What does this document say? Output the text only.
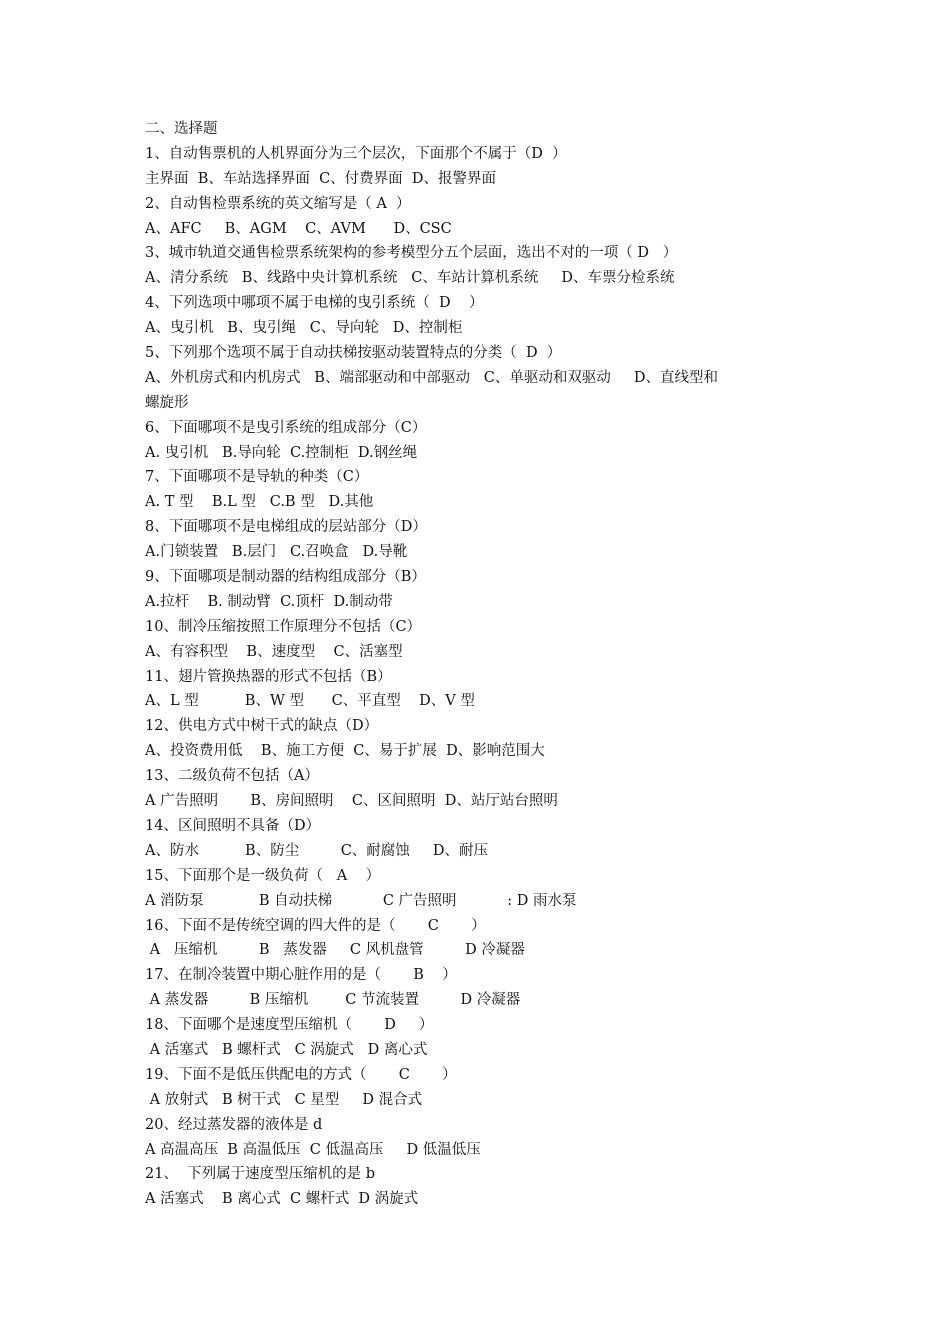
二、选择题
1、自动售票机的人机界面分为三个层次，下面那个不属于（D  ）
主界面  B、车站选择界面  C、付费界面  D、报警界面
2、自动售检票系统的英文缩写是（ A  ）
A、AFC     B、AGM    C、AVM      D、CSC
3、城市轨道交通售检票系统架构的参考模型分五个层面，选出不对的一项（ D   ）
A、清分系统   B、线路中央计算机系统   C、车站计算机系统     D、车票分检系统
4、下列选项中哪项不属于电梯的曳引系统（  D    ）
A、曳引机   B、曳引绳   C、导向轮   D、控制柜
5、下列那个选项不属于自动扶梯按驱动装置特点的分类（  D  ）
A、外机房式和内机房式   B、端部驱动和中部驱动   C、单驱动和双驱动     D、直线型和
螺旋形
6、下面哪项不是曳引系统的组成部分（C）
A. 曳引机   B.导向轮  C.控制柜  D.钢丝绳
7、下面哪项不是导轨的种类（C）
A. T 型    B.L 型   C.B 型   D.其他
8、下面哪项不是电梯组成的层站部分（D）
A.门锁装置   B.层门   C.召唤盒   D.导靴
9、下面哪项是制动器的结构组成部分（B）
A.拉杆    B. 制动臂  C.顶杆  D.制动带
10、制冷压缩按照工作原理分不包括（C）
A、有容积型    B、速度型    C、活塞型
11、翅片管换热器的形式不包括（B）
A、L 型          B、W 型      C、平直型    D、V 型
12、供电方式中树干式的缺点（D）
A、投资费用低    B、施工方便  C、易于扩展  D、影响范围大
13、二级负荷不包括（A）
A 广告照明       B、房间照明    C、区间照明  D、站厅站台照明
14、区间照明不具备（D）
A、防水          B、防尘         C、耐腐蚀     D、耐压
15、下面那个是一级负荷（   A    ）
A 消防泵            B 自动扶梯           C 广告照明           : D 雨水泵
16、下面不是传统空调的四大件的是（       C       ）
A   压缩机         B   蒸发器     C 风机盘管         D 冷凝器
17、在制冷装置中期心脏作用的是（       B    ）
A 蒸发器         B 压缩机        C 节流装置         D 冷凝器
18、下面哪个是速度型压缩机（       D     ）
A 活塞式   B 螺杆式   C 涡旋式   D 离心式
19、下面不是低压供配电的方式（       C       ）
A 放射式   B 树干式   C 星型     D 混合式
20、经过蒸发器的液体是 d
A 高温高压  B 高温低压  C 低温高压     D 低温低压
21、  下列属于速度型压缩机的是 b
A 活塞式    B 离心式  C 螺杆式  D 涡旋式
